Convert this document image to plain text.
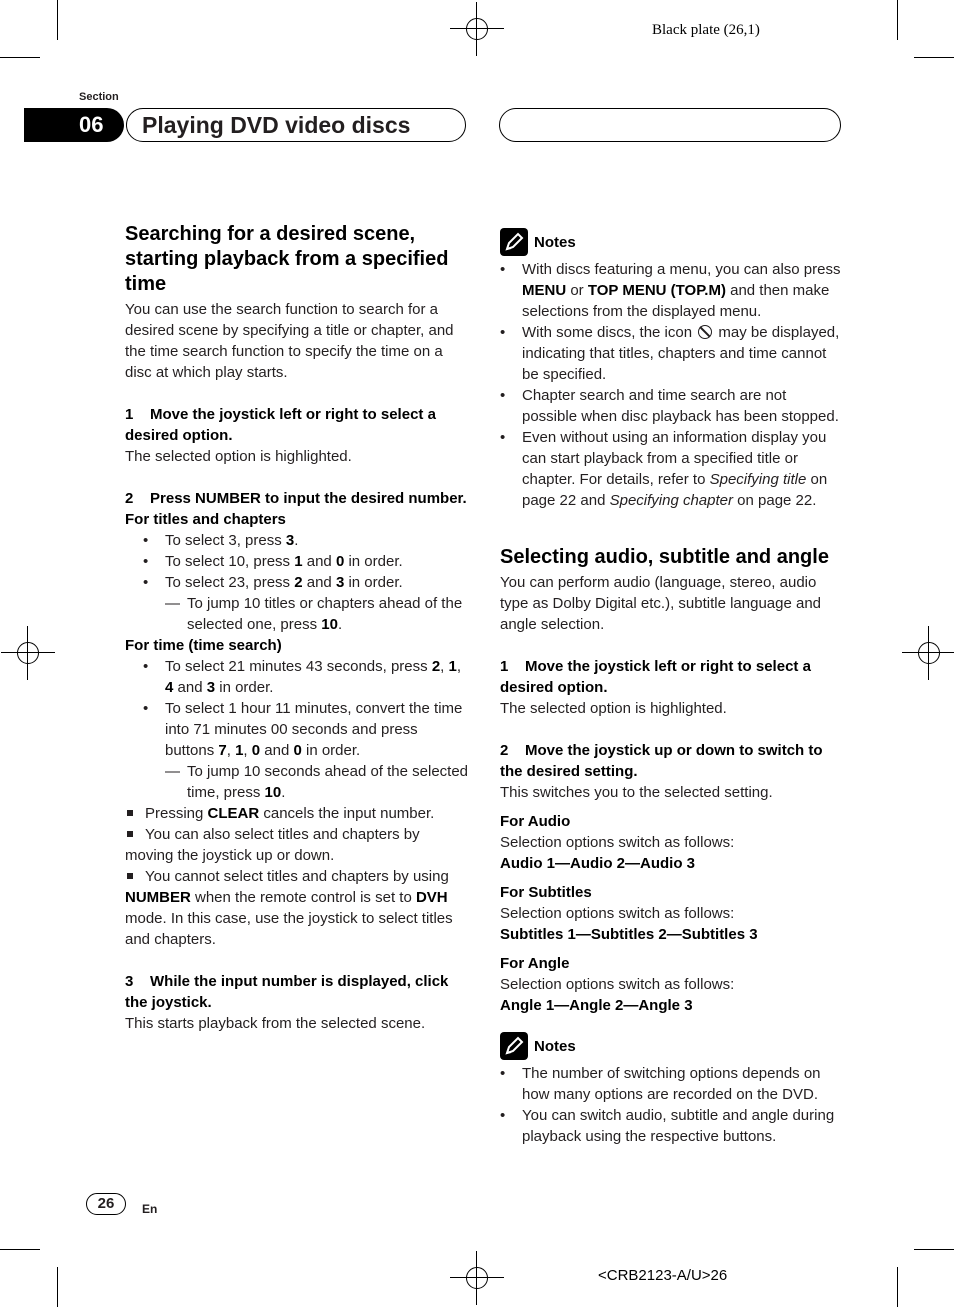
Black plate (26,1)
Section
06	Playing DVD video discs
Searching for a desired scene, starting playback from a specified time

You can use the search function to search for a desired scene by specifying a title or chapter, and the time search function to specify the time on a disc at which play starts.

1 Move the joystick left or right to select a desired option.

The selected option is highlighted.

2 Press NUMBER to input the desired number.

For titles and chapters

• To select 3, press 3.

• To select 10, press 1 and 0 in order.

• To select 23, press 2 and 3 in order.

— To jump 10 titles or chapters ahead of the selected one, press 10.

For time (time search)

• To select 21 minutes 43 seconds, press 2, 1, 4 and 3 in order.

• To select 1 hour 11 minutes, convert the time into 71 minutes 00 seconds and press buttons 7, 1, 0 and 0 in order.

— To jump 10 seconds ahead of the selected time, press 10.

Pressing CLEAR cancels the input number.

You can also select titles and chapters by moving the joystick up or down.

You cannot select titles and chapters by using NUMBER when the remote control is set to DVH mode. In this case, use the joystick to select titles and chapters.

3 While the input number is displayed, click the joystick.

This starts playback from the selected scene.

Notes

• With discs featuring a menu, you can also press MENU or TOP MENU (TOP.M) and then make selections from the displayed menu.

• With some discs, the icon  may be displayed, indicating that titles, chapters and time cannot be specified.

• Chapter search and time search are not possible when disc playback has been stopped.

• Even without using an information display you can start playback from a specified title or chapter. For details, refer to Specifying title on page 22 and Specifying chapter on page 22.

Selecting audio, subtitle and angle

You can perform audio (language, stereo, audio type as Dolby Digital etc.), subtitle language and angle selection.

1 Move the joystick left or right to select a desired option.

The selected option is highlighted.

2 Move the joystick up or down to switch to the desired setting.

This switches you to the selected setting.

For Audio

Selection options switch as follows:

Audio 1—Audio 2—Audio 3

For Subtitles

Selection options switch as follows:

Subtitles 1—Subtitles 2—Subtitles 3

For Angle

Selection options switch as follows:

Angle 1—Angle 2—Angle 3

Notes

• The number of switching options depends on how many options are recorded on the DVD.

• You can switch audio, subtitle and angle during playback using the respective buttons.

26	En
<CRB2123-A/U>26
